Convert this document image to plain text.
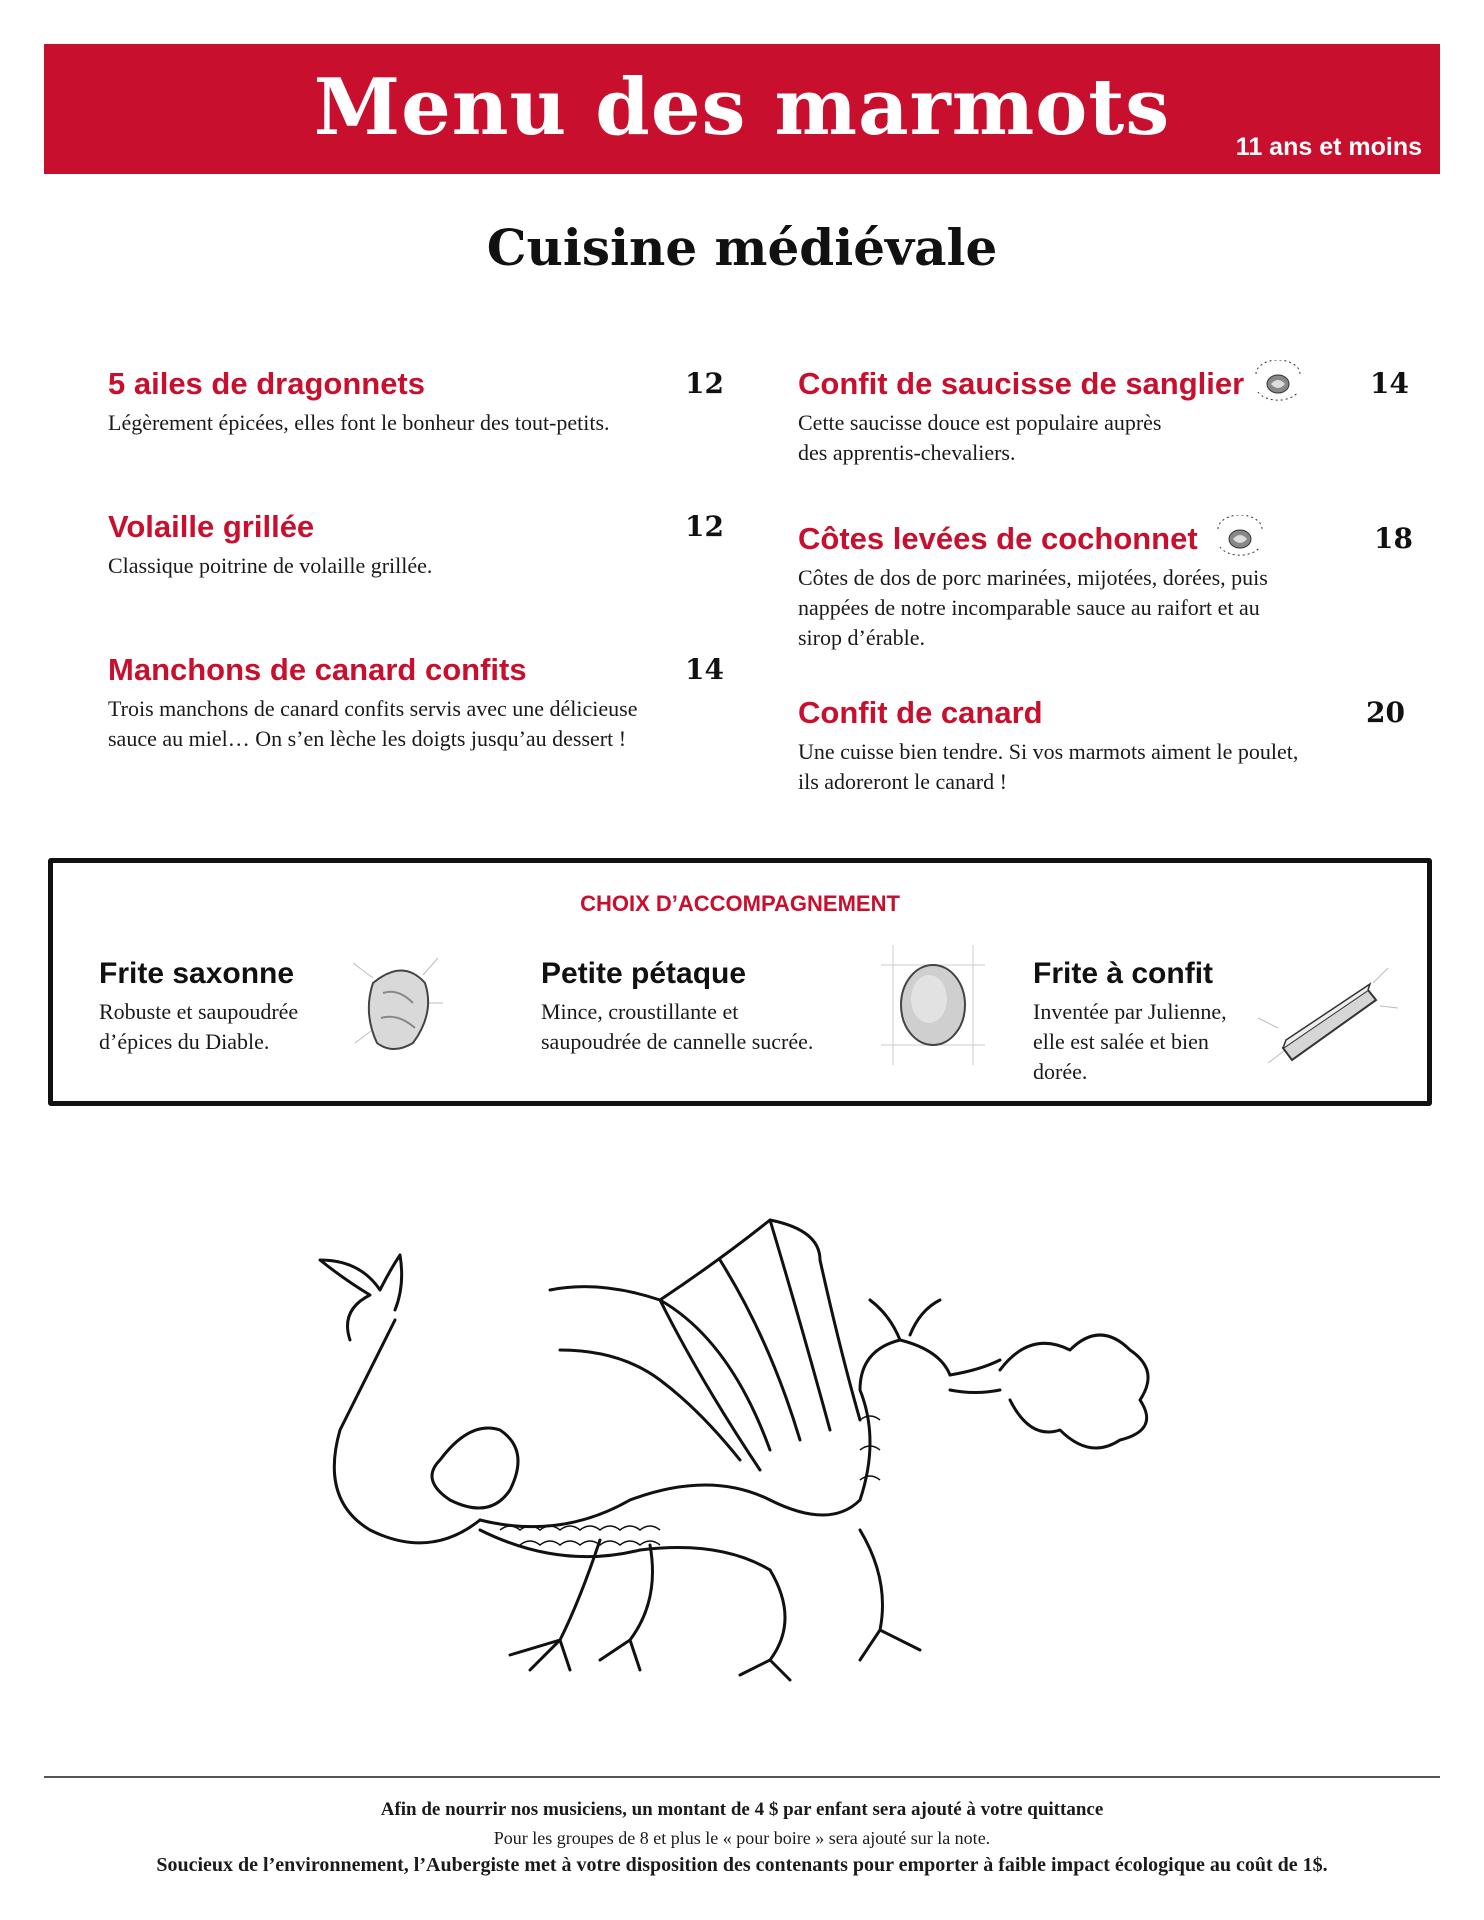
Menu des marmots	11 ans et moins
Cuisine médiévale
5 ailes de dragonnets	12
Légèrement épicées, elles font le bonheur des tout-petits.
Volaille grillée	12
Classique poitrine de volaille grillée.
Manchons de canard confits	14
Trois manchons de canard confits servis avec une délicieuse
sauce au miel… On s’en lèche les doigts jusqu’au dessert !
Confit de saucisse de sanglier	14
Cette saucisse douce est populaire auprès
des apprentis-chevaliers.
Côtes levées de cochonnet	18
Côtes de dos de porc marinées, mijotées, dorées, puis
nappées de notre incomparable sauce au raifort et au
sirop d’érable.
Confit de canard	20
Une cuisse bien tendre. Si vos marmots aiment le poulet,
ils adoreront le canard !
CHOIX D’ACCOMPAGNEMENT
Frite saxonne
Robuste et saupoudrée
d’épices du Diable.
Petite pétaque
Mince, croustillante et
saupoudrée de cannelle sucrée.
Frite à confit
Inventée par Julienne,
elle est salée et bien
dorée.
Afin de nourrir nos musiciens, un montant de 4 $ par enfant sera ajouté à votre quittance
Pour les groupes de 8 et plus le « pour boire » sera ajouté sur la note.
Soucieux de l’environnement, l’Aubergiste met à votre disposition des contenants pour emporter à faible impact écologique au coût de 1$.
